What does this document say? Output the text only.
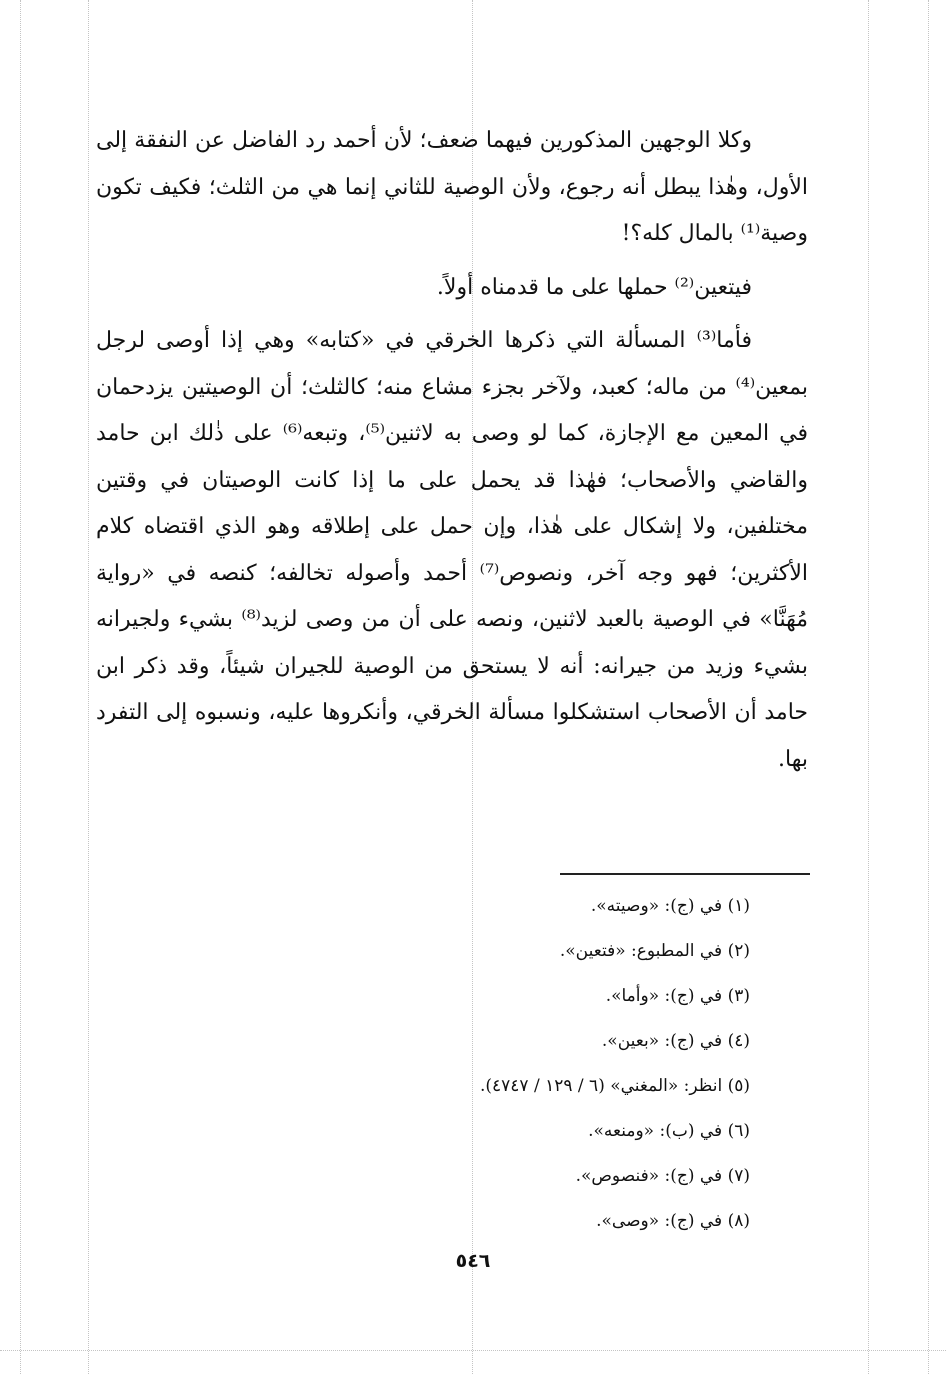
وكلا الوجهين المذكورين فيهما ضعف؛ لأن أحمد رد الفاضل عن النفقة إلى الأول، وهٰذا يبطل أنه رجوع، ولأن الوصية للثاني إنما هي من الثلث؛ فكيف تكون وصية⁽¹⁾ بالمال كله؟!

فيتعين⁽²⁾ حملها على ما قدمناه أولاً.

فأما⁽³⁾ المسألة التي ذكرها الخرقي في «كتابه» وهي إذا أوصى لرجل بمعين⁽⁴⁾ من ماله؛ كعبد، ولآخر بجزء مشاع منه؛ كالثلث؛ أن الوصيتين يزدحمان في المعين مع الإجازة، كما لو وصى به لاثنين⁽⁵⁾، وتبعه⁽⁶⁾ على ذٰلك ابن حامد والقاضي والأصحاب؛ فهٰذا قد يحمل على ما إذا كانت الوصيتان في وقتين مختلفين، ولا إشكال على هٰذا، وإن حمل على إطلاقه وهو الذي اقتضاه كلام الأكثرين؛ فهو وجه آخر، ونصوص⁽⁷⁾ أحمد وأصوله تخالفه؛ كنصه في «رواية مُهَنَّا» في الوصية بالعبد لاثنين، ونصه على أن من وصى لزيد⁽⁸⁾ بشيء ولجيرانه بشيء وزيد من جيرانه: أنه لا يستحق من الوصية للجيران شيئاً، وقد ذكر ابن حامد أن الأصحاب استشكلوا مسألة الخرقي، وأنكروها عليه، ونسبوه إلى التفرد بها.

(١) في (ج): «وصيته».

(٢) في المطبوع: «فتعين».

(٣) في (ج): «وأما».

(٤) في (ج): «بعين».

(٥) انظر: «المغني» (٦ / ١٢٩ / ٤٧٤٧).

(٦) في (ب): «ومنعه».

(٧) في (ج): «فنصوص».

(٨) في (ج): «وصى».

٥٤٦
